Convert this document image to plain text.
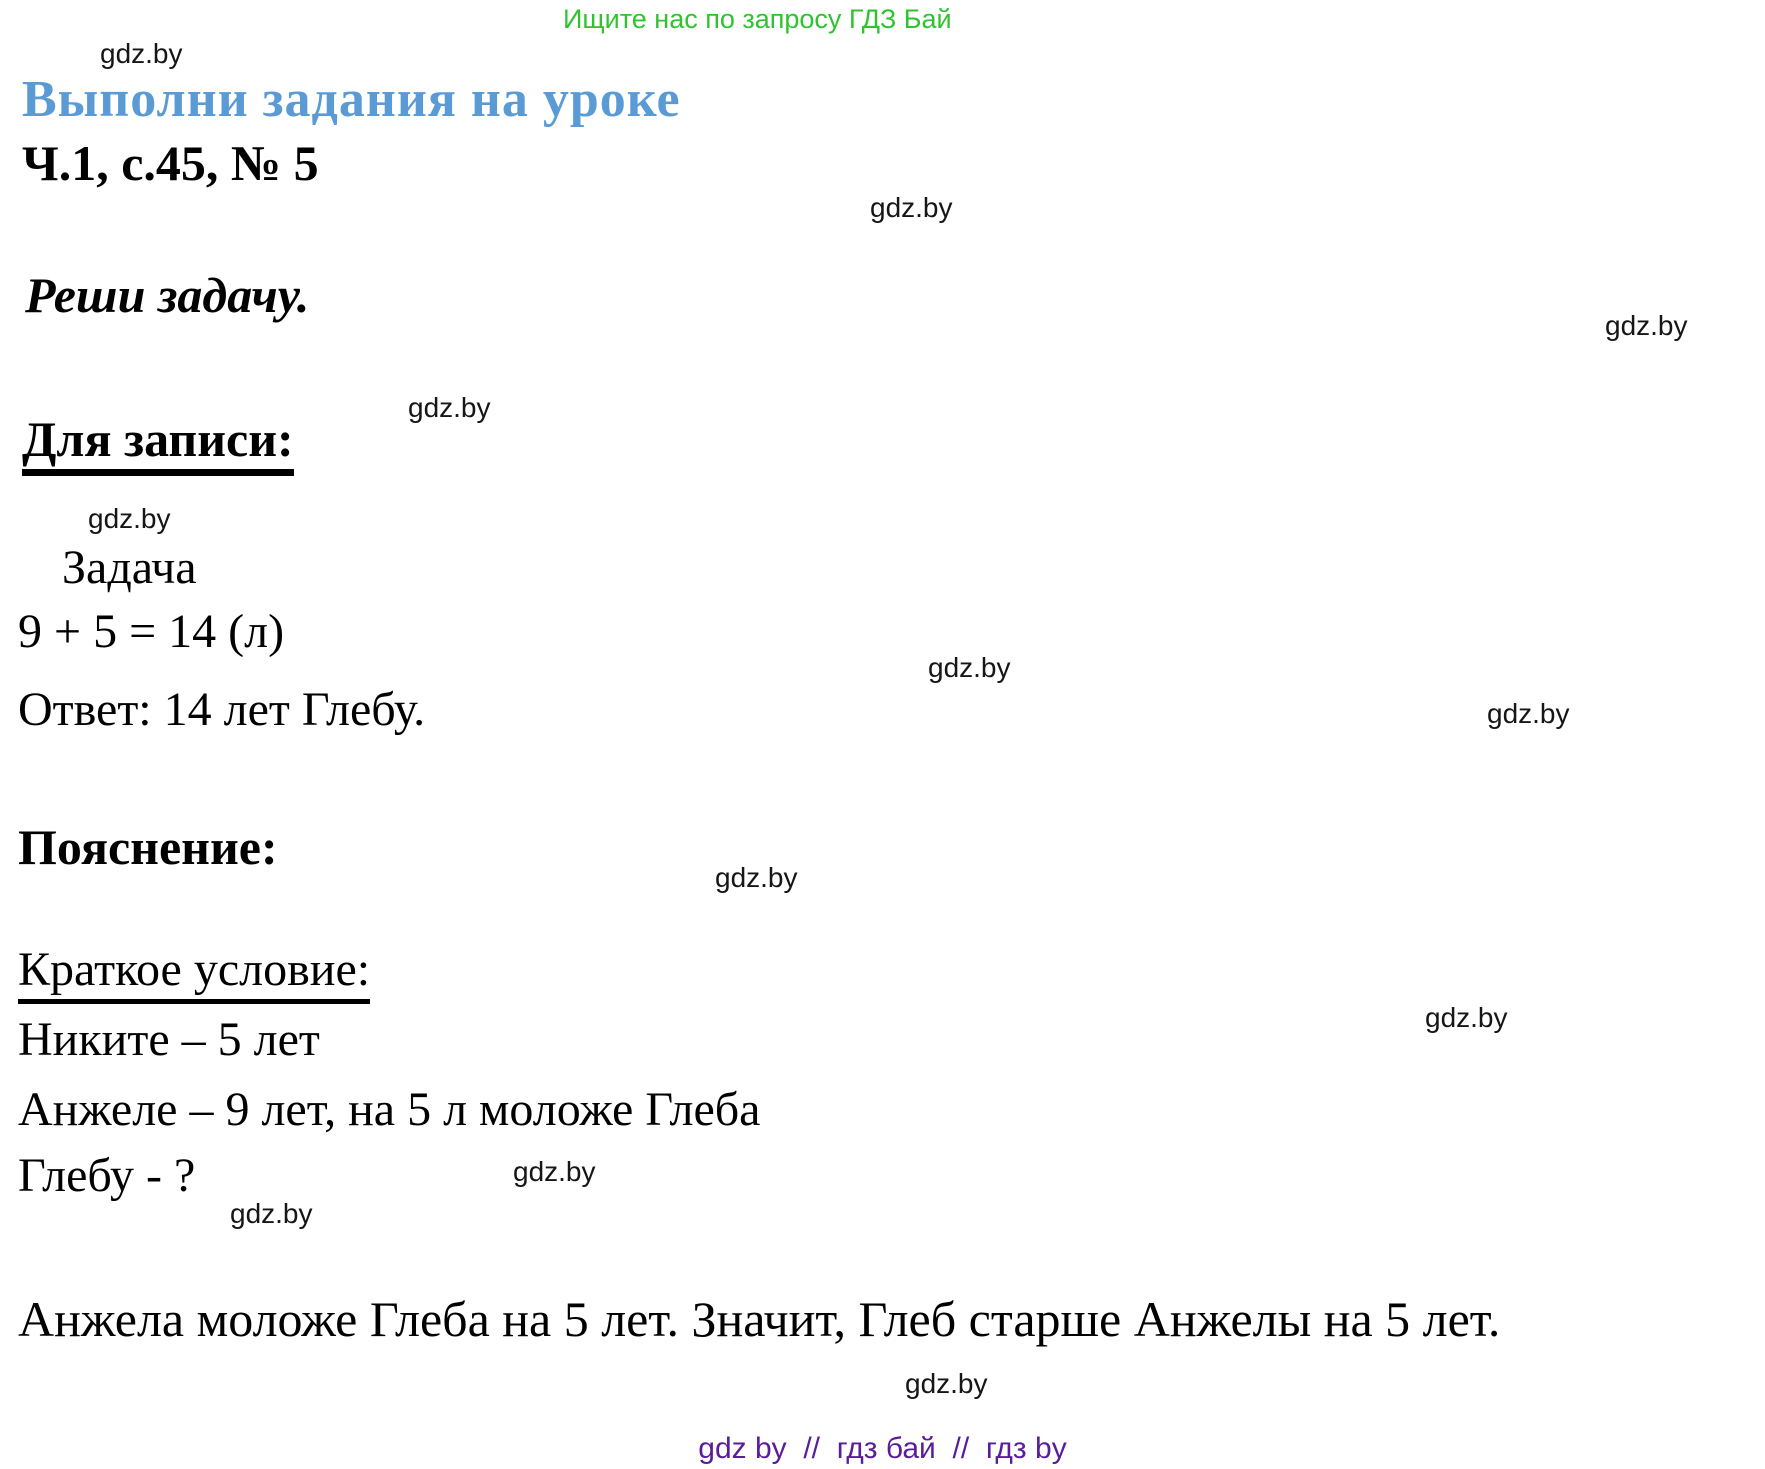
Ищите нас по запросу ГДЗ Бай
gdz.by
gdz.by
gdz.by
gdz.by
gdz.by
gdz.by
gdz.by
gdz.by
gdz.by
gdz.by
gdz.by
gdz.by
Выполни задания на уроке
Ч.1, с.45, № 5
Реши задачу.
Для записи:
Задача
9 + 5 = 14 (л)
Ответ: 14 лет Глебу.
Пояснение:
Краткое условие:
Никите – 5 лет
Анжеле – 9 лет, на 5 л моложе Глеба
Глебу - ?
Анжела моложе Глеба на 5 лет. Значит, Глеб старше Анжелы на 5 лет.
gdz by  //  гдз бай  //  гдз by
